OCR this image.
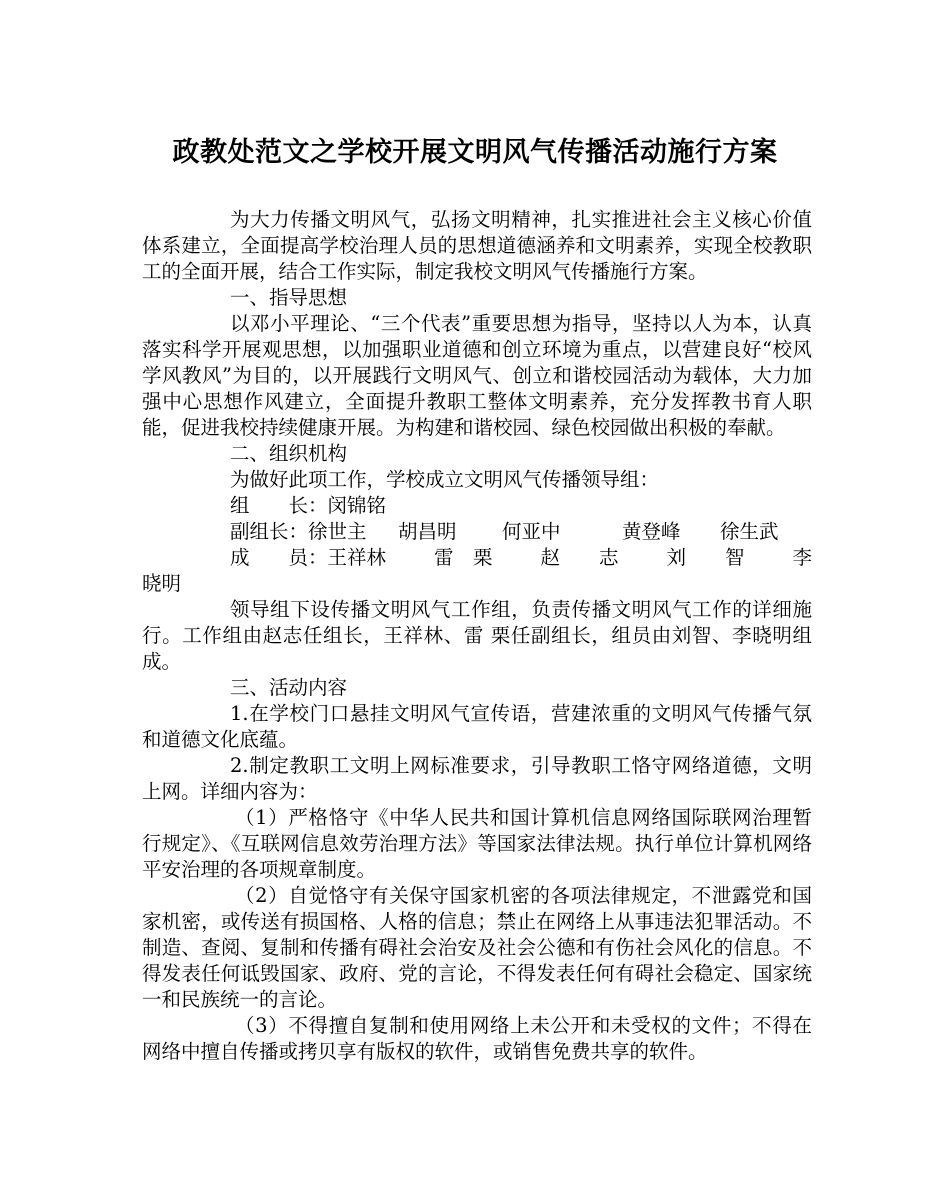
政教处范文之学校开展文明风气传播活动施行方案

为大力传播文明风气，弘扬文明精神，扎实推进社会主义核心价值体系建立，全面提高学校治理人员的思想道德涵养和文明素养，实现全校教职工的全面开展，结合工作实际，制定我校文明风气传播施行方案。

一、指导思想

以邓小平理论、“三个代表”重要思想为指导，坚持以人为本，认真落实科学开展观思想，以加强职业道德和创立环境为重点，以营建良好“校风学风教风”为目的，以开展践行文明风气、创立和谐校园活动为载体，大力加强中心思想作风建立，全面提升教职工整体文明素养，充分发挥教书育人职能，促进我校持续健康开展。为构建和谐校园、绿色校园做出积极的奉献。

二、组织机构

为做好此项工作，学校成立文明风气传播领导组：

组　　长： 闵锦铭
副组长： 徐世主	胡昌明	何亚中	黄登峰	徐生武
成　　员：王祥林 雷　栗 赵　　志 刘　　智 李
晓明

领导组下设传播文明风气工作组，负责传播文明风气工作的详细施行。工作组由赵志任组长，王祥林、雷 栗任副组长，组员由刘智、李晓明组成。

三、活动内容

1.在学校门口悬挂文明风气宣传语，营建浓重的文明风气传播气氛和道德文化底蕴。

2.制定教职工文明上网标准要求，引导教职工恪守网络道德，文明上网。详细内容为：

（1）严格恪守《中华人民共和国计算机信息网络国际联网治理暂行规定》、《互联网信息效劳治理方法》等国家法律法规。执行单位计算机网络平安治理的各项规章制度。

（2）自觉恪守有关保守国家机密的各项法律规定，不泄露党和国家机密，或传送有损国格、人格的信息；禁止在网络上从事违法犯罪活动。不制造、查阅、复制和传播有碍社会治安及社会公德和有伤社会风化的信息。不得发表任何诋毁国家、政府、党的言论，不得发表任何有碍社会稳定、国家统一和民族统一的言论。

（3）不得擅自复制和使用网络上未公开和未受权的文件；不得在网络中擅自传播或拷贝享有版权的软件，或销售免费共享的软件。
